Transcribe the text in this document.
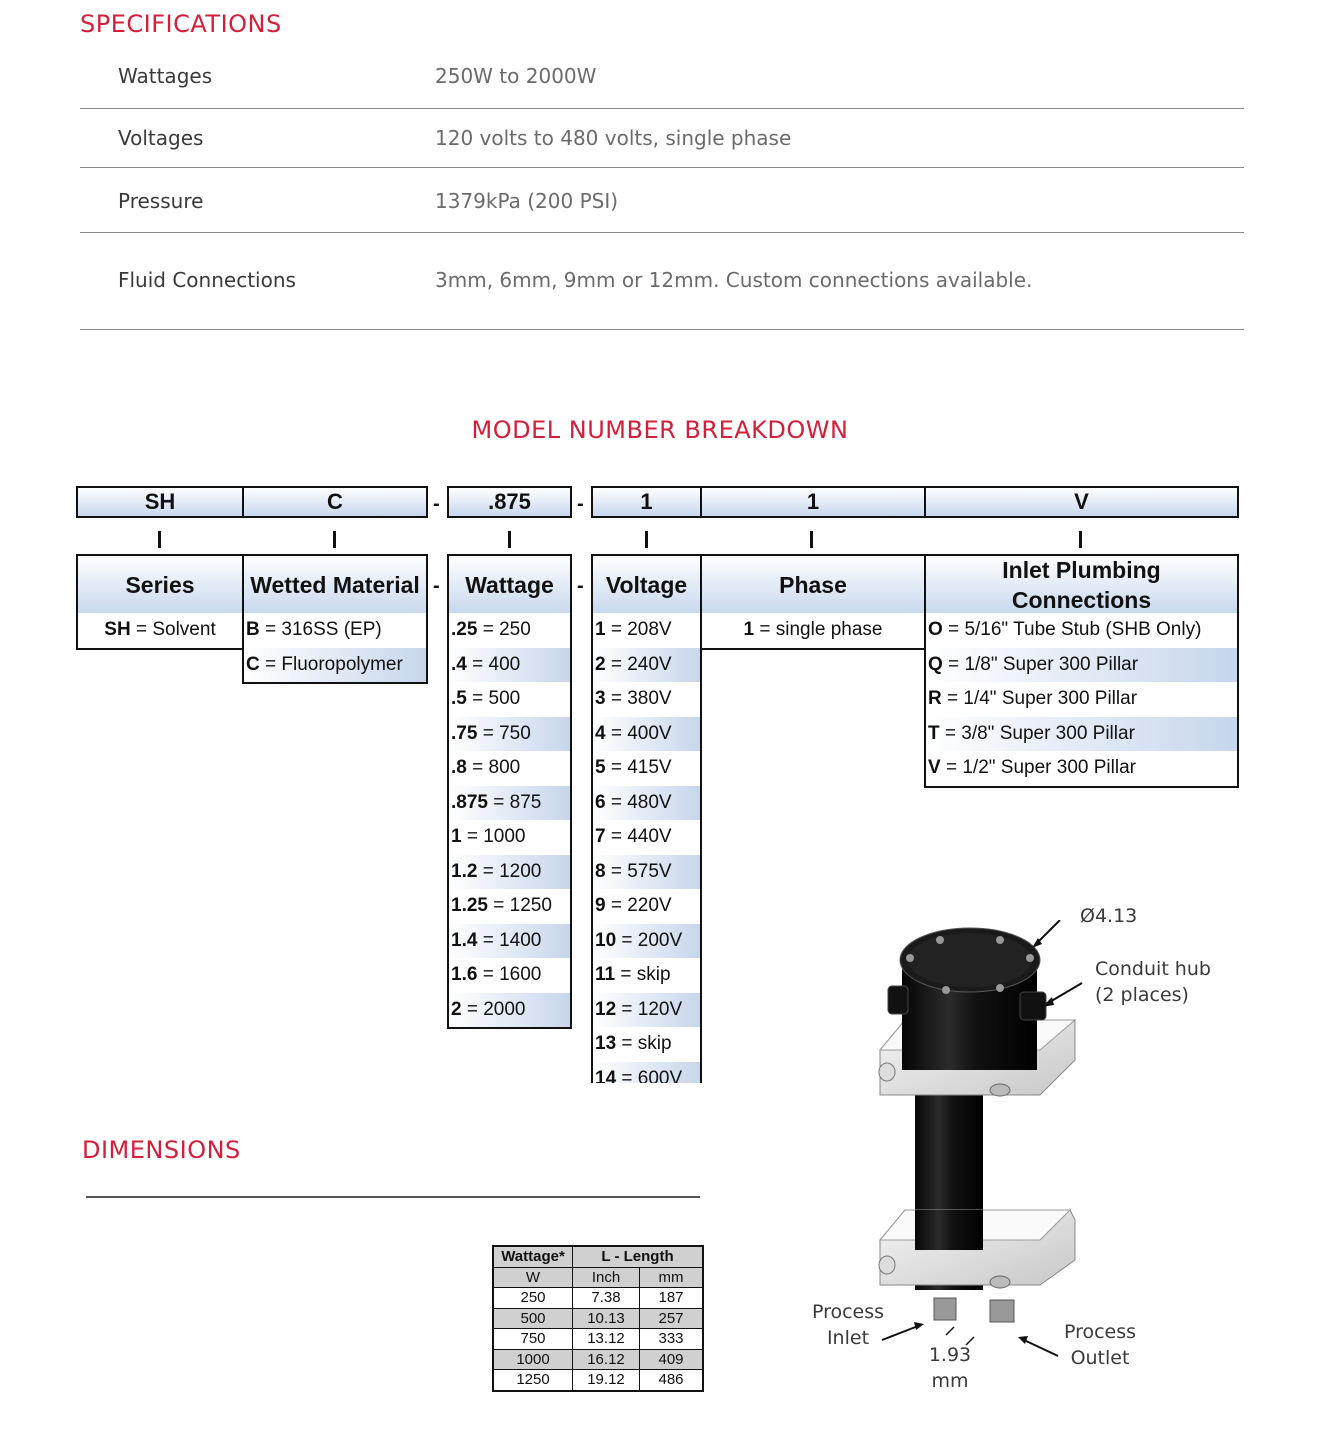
SPECIFICATIONS
Wattages	250W to 2000W
Voltages	120 volts to 480 volts, single phase
Pressure	1379kPa (200 PSI)
Fluid Connections	3mm, 6mm, 9mm or 12mm. Custom connections available.
MODEL NUMBER BREAKDOWN
SH	C	-	.875	-	1	1	V
Series
SH = Solvent
Wetted Material
B = 316SS (EP)
C = Fluoropolymer
-	Wattage
.25 = 250
.4 = 400
.5 = 500
.75 = 750
.8 = 800
.875 = 875
1 = 1000
1.2 = 1200
1.25 = 1250
1.4 = 1400
1.6 = 1600
2 = 2000
- Voltage
1 = 208V
2 = 240V
3 = 380V
4 = 400V
5 = 415V
6 = 480V
7 = 440V
8 = 575V
9 = 220V
10 = 200V
11 = skip
12 = 120V
13 = skip
14 = 600V
Phase
1 = single phase
Inlet Plumbing Connections
O = 5/16" Tube Stub (SHB Only)
Q = 1/8" Super 300 Pillar
R = 1/4" Super 300 Pillar
T = 3/8" Super 300 Pillar
V = 1/2" Super 300 Pillar
DIMENSIONS
Wattage*	L - Length	
W	Inch	mm
250	7.38	187
500	10.13	257
750	13.12	333
1000	16.12	409
1250	19.12	486
Ø4.13
Conduit hub
(2 places)
Process
Inlet	Process
Outlet
1.93
mm
